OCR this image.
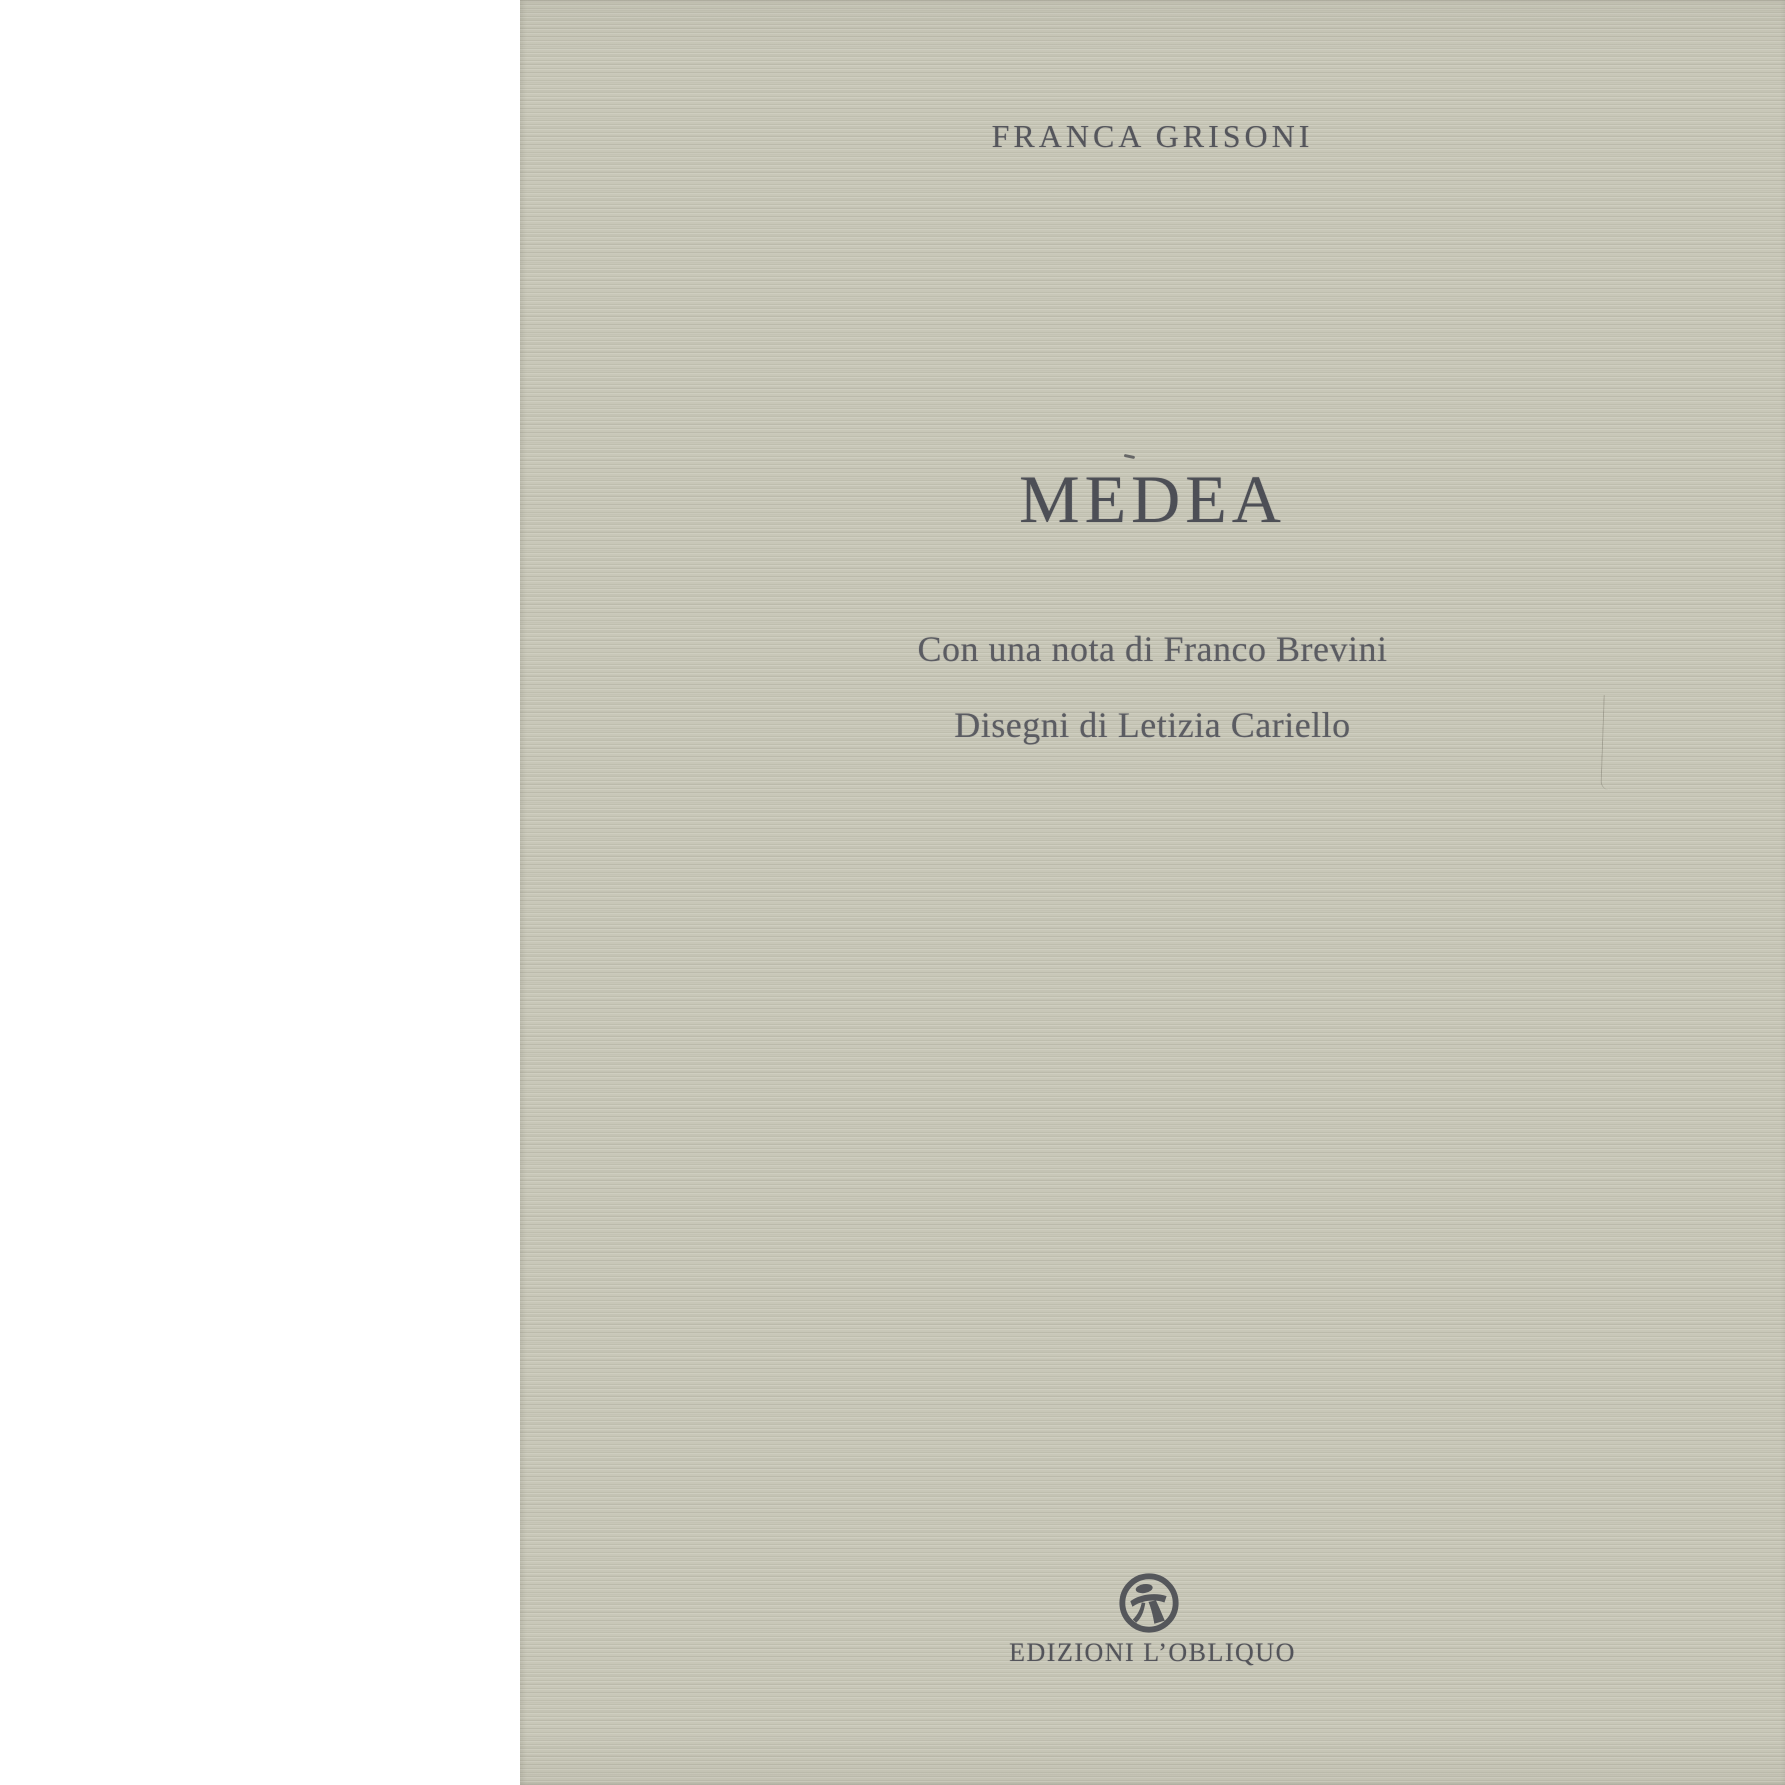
FRANCA GRISONI
MEDEA
Con una nota di Franco Brevini
Disegni di Letizia Cariello
EDIZIONI L’OBLIQUO
